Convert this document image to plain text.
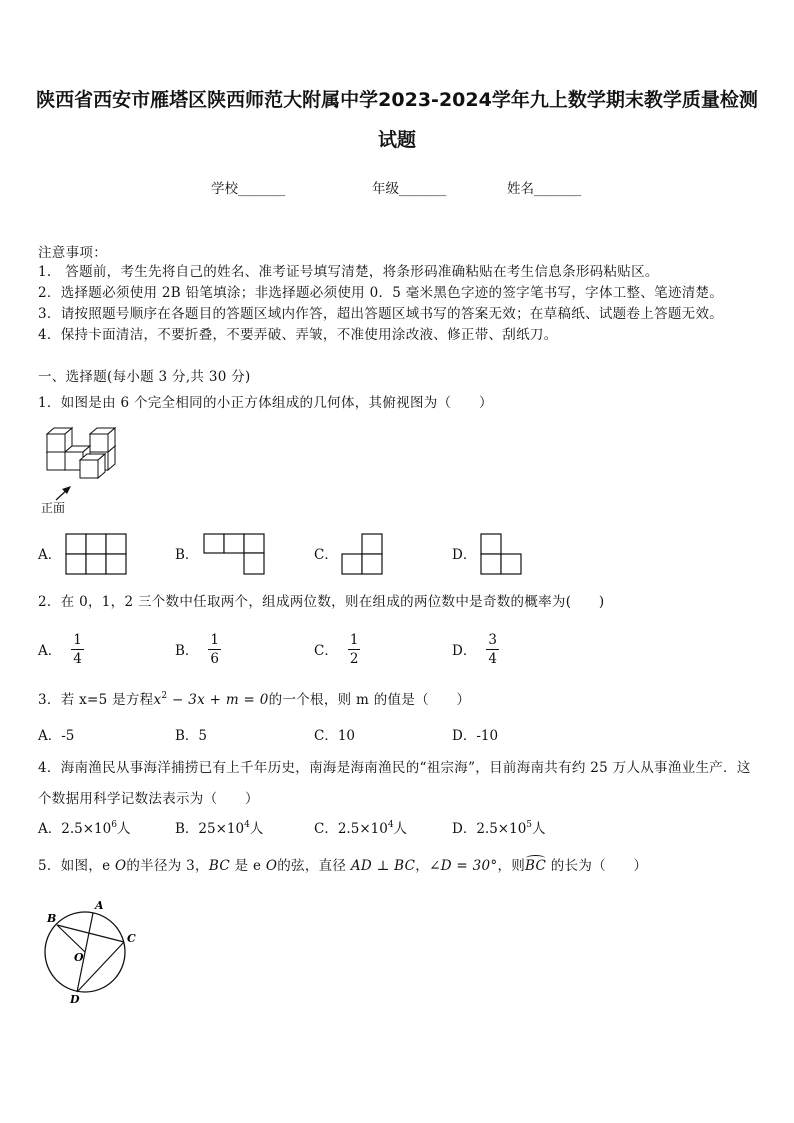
陕西省西安市雁塔区陕西师范大附属中学2023-2024学年九上数学期末教学质量检测
试题
学校_______	年级_______	姓名_______
注意事项：
1.　答题前，考生先将自己的姓名、准考证号填写清楚，将条形码准确粘贴在考生信息条形码粘贴区。
2．选择题必须使用 2B 铅笔填涂；非选择题必须使用 0．5 毫米黑色字迹的签字笔书写，字体工整、笔迹清楚。
3．请按照题号顺序在各题目的答题区域内作答，超出答题区域书写的答案无效；在草稿纸、试题卷上答题无效。
4．保持卡面清洁，不要折叠，不要弄破、弄皱，不准使用涂改液、修正带、刮纸刀。
一、选择题(每小题 3 分,共 30 分)
1．如图是由 6 个完全相同的小正方体组成的几何体，其俯视图为（　　）
正面
A．	B．	C．	D．
2．在 0，1，2 三个数中任取两个，组成两位数，则在组成的两位数中是奇数的概率为(　　)
A． $\frac{1}{4}$	B． $\frac{1}{6}$	C． $\frac{1}{2}$	D． $\frac{3}{4}$
3．若 x=5 是方程$x^2 - 3x + m = 0$的一个根，则 m 的值是（　　）
A．-5	B．5	C．10	D．-10
4．海南渔民从事海洋捕捞已有上千年历史，南海是海南渔民的“祖宗海”，目前海南共有约 25 万人从事渔业生产．这
个数据用科学记数法表示为（　　）
A．$2.5\times 10^6$人	B．$25\times 10^4$人	C．$2.5\times 10^4$人	D．$2.5\times 10^5$人
5．如图，e O的半径为 3，BC 是 e O的弦，直径 AD ⊥ BC，∠D = 30°，则BC 的长为（　　）
A
B
C
O
D
